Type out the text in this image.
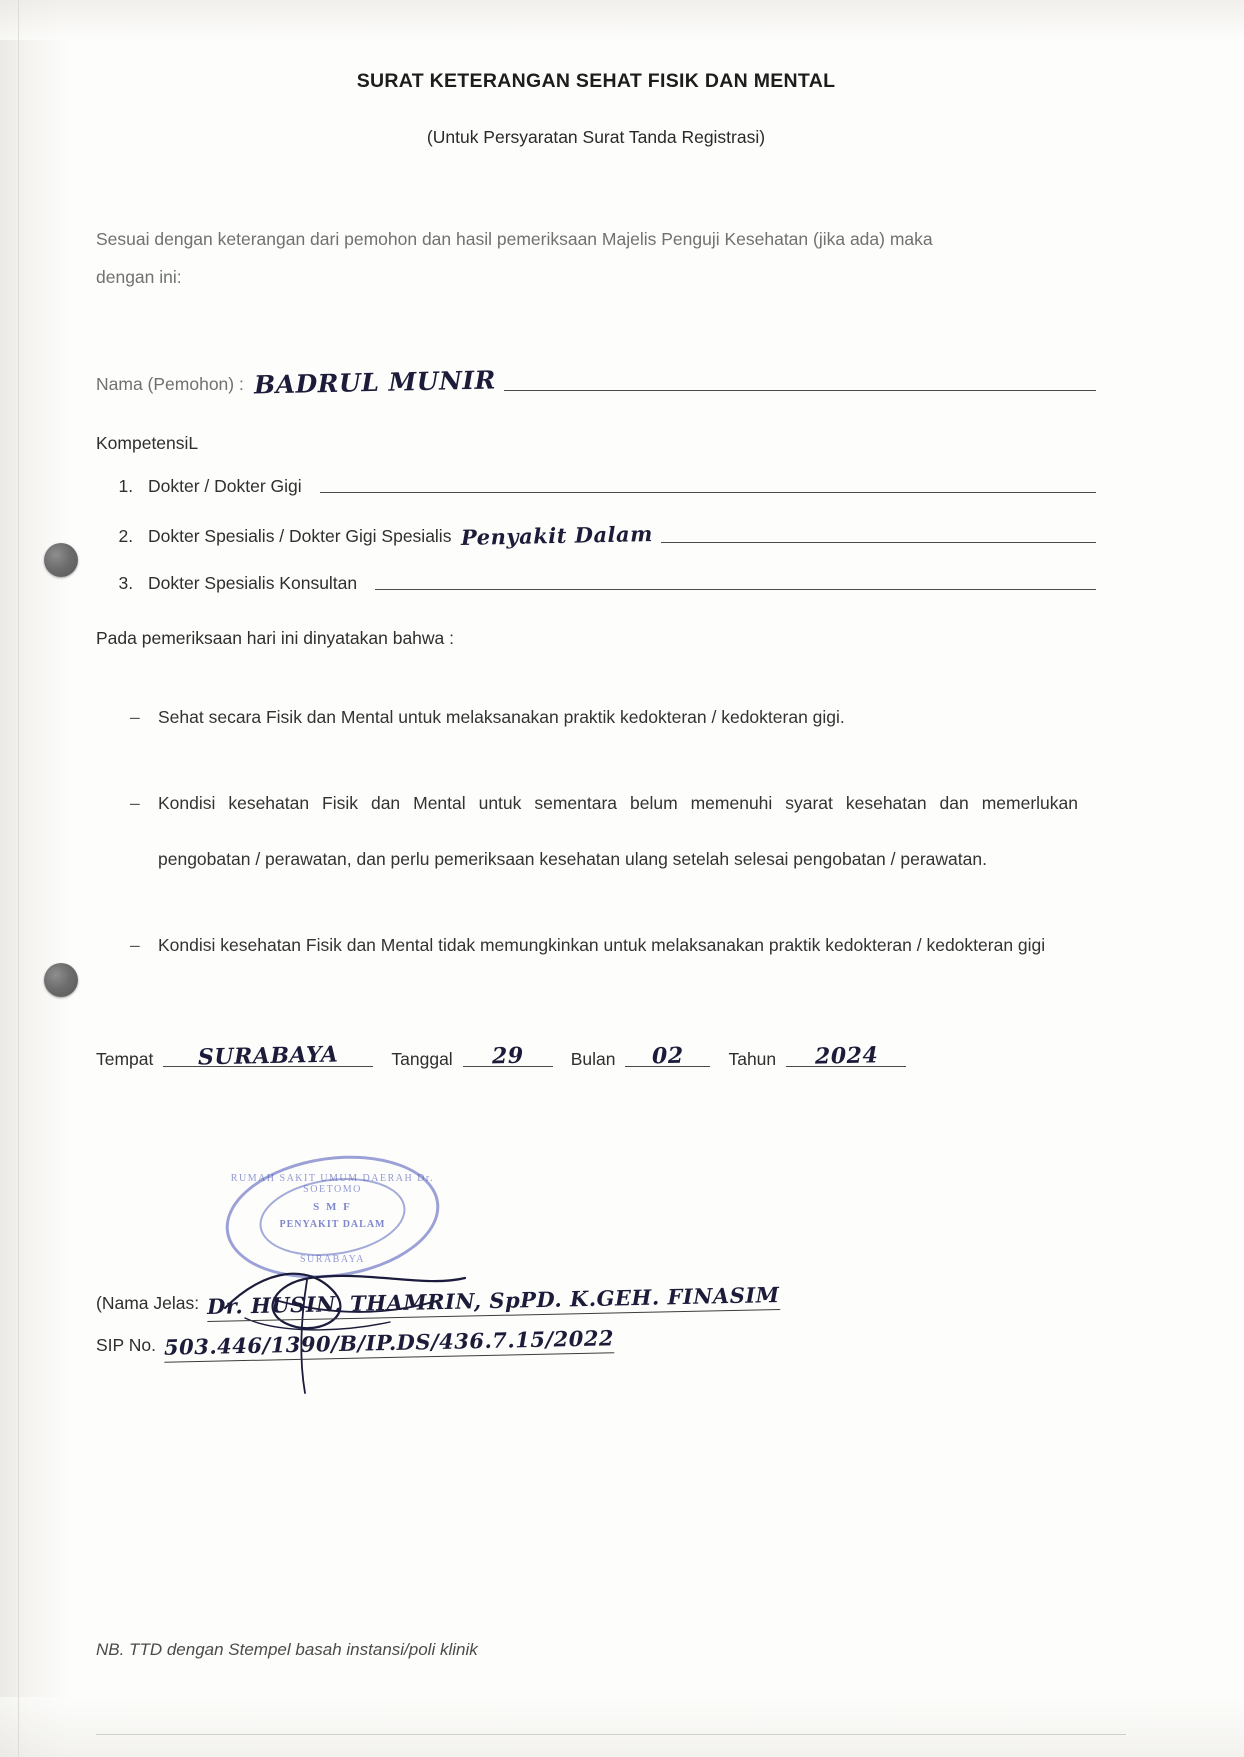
SURAT KETERANGAN SEHAT FISIK DAN MENTAL
(Untuk Persyaratan Surat Tanda Registrasi)
Sesuai dengan keterangan dari pemohon dan hasil pemeriksaan Majelis Penguji Kesehatan (jika ada) maka dengan ini:
Nama (Pemohon) : BADRUL MUNIR
KompetensiL
1. Dokter / Dokter Gigi
2. Dokter Spesialis / Dokter Gigi Spesialis Penyakit Dalam
3. Dokter Spesialis Konsultan
Pada pemeriksaan hari ini dinyatakan bahwa :
– Sehat secara Fisik dan Mental untuk melaksanakan praktik kedokteran / kedokteran gigi.
– Kondisi kesehatan Fisik dan Mental untuk sementara belum memenuhi syarat kesehatan dan memerlukan pengobatan / perawatan, dan perlu pemeriksaan kesehatan ulang setelah selesai pengobatan / perawatan.
– Kondisi kesehatan Fisik dan Mental tidak memungkinkan untuk melaksanakan praktik kedokteran / kedokteran gigi
Tempat	SURABAYA	Tanggal	29	Bulan	02	Tahun	2024
RUMAH SAKIT UMUM DAERAH Dr. SOETOMO
S M F
PENYAKIT DALAM
SURABAYA
(Nama Jelas: Dr. HUSIN. THAMRIN, SpPD. K.GEH. FINASIM
SIP No. 503.446/1390/B/IP.DS/436.7.15/2022
NB. TTD dengan Stempel basah instansi/poli klinik
